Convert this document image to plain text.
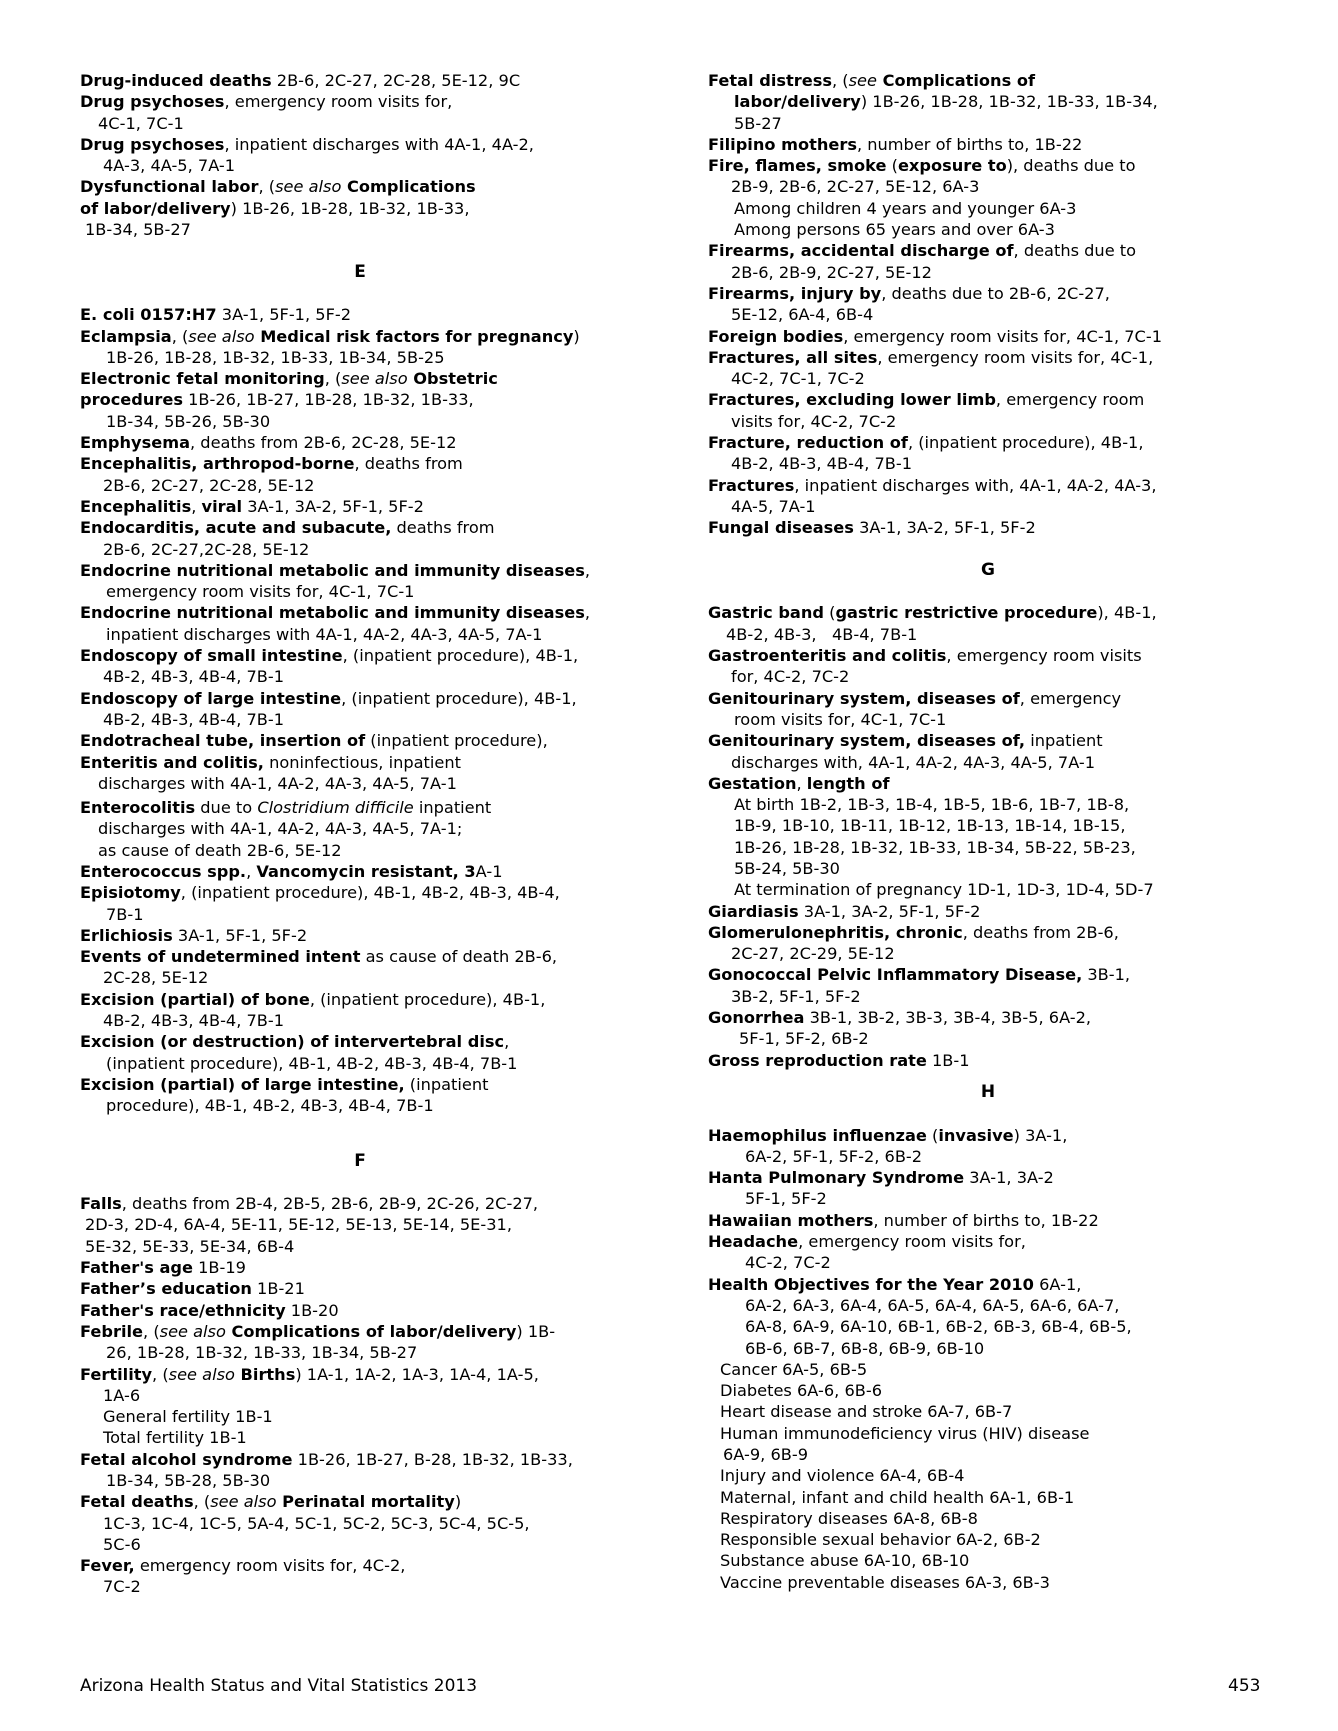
Drug-induced deaths 2B-6, 2C-27, 2C-28, 5E-12, 9C

Drug psychoses, emergency room visits for,

4C-1, 7C-1

Drug psychoses, inpatient discharges with 4A-1, 4A-2,

4A-3, 4A-5, 7A-1

Dysfunctional labor, (see also Complications

of labor/delivery) 1B-26, 1B-28, 1B-32, 1B-33,

1B-34, 5B-27

E

E. coli 0157:H7 3A-1, 5F-1, 5F-2

Eclampsia, (see also Medical risk factors for pregnancy)

1B-26, 1B-28, 1B-32, 1B-33, 1B-34, 5B-25

Electronic fetal monitoring, (see also Obstetric

procedures 1B-26, 1B-27, 1B-28, 1B-32, 1B-33,

1B-34, 5B-26, 5B-30

Emphysema, deaths from 2B-6, 2C-28, 5E-12

Encephalitis, arthropod-borne, deaths from

2B-6, 2C-27, 2C-28, 5E-12

Encephalitis, viral 3A-1, 3A-2, 5F-1, 5F-2

Endocarditis, acute and subacute, deaths from

2B-6, 2C-27,2C-28, 5E-12

Endocrine nutritional metabolic and immunity diseases,

emergency room visits for, 4C-1, 7C-1

Endocrine nutritional metabolic and immunity diseases,

inpatient discharges with 4A-1, 4A-2, 4A-3, 4A-5, 7A-1

Endoscopy of small intestine, (inpatient procedure), 4B-1,

4B-2, 4B-3, 4B-4, 7B-1

Endoscopy of large intestine, (inpatient procedure), 4B-1,

4B-2, 4B-3, 4B-4, 7B-1

Endotracheal tube, insertion of (inpatient procedure),

Enteritis and colitis, noninfectious, inpatient

discharges with 4A-1, 4A-2, 4A-3, 4A-5, 7A-1

Enterocolitis due to Clostridium difficile inpatient

discharges with 4A-1, 4A-2, 4A-3, 4A-5, 7A-1;

as cause of death 2B-6, 5E-12

Enterococcus spp., Vancomycin resistant, 3A-1

Episiotomy, (inpatient procedure), 4B-1, 4B-2, 4B-3, 4B-4,

7B-1

Erlichiosis 3A-1, 5F-1, 5F-2

Events of undetermined intent as cause of death 2B-6,

2C-28, 5E-12

Excision (partial) of bone, (inpatient procedure), 4B-1,

4B-2, 4B-3, 4B-4, 7B-1

Excision (or destruction) of intervertebral disc,

(inpatient procedure), 4B-1, 4B-2, 4B-3, 4B-4, 7B-1

Excision (partial) of large intestine, (inpatient

procedure), 4B-1, 4B-2, 4B-3, 4B-4, 7B-1

F

Falls, deaths from 2B-4, 2B-5, 2B-6, 2B-9, 2C-26, 2C-27,

2D-3, 2D-4, 6A-4, 5E-11, 5E-12, 5E-13, 5E-14, 5E-31,

5E-32, 5E-33, 5E-34, 6B-4

Father's age 1B-19

Father’s education 1B-21

Father's race/ethnicity 1B-20

Febrile, (see also Complications of labor/delivery) 1B-

26, 1B-28, 1B-32, 1B-33, 1B-34, 5B-27

Fertility, (see also Births) 1A-1, 1A-2, 1A-3, 1A-4, 1A-5,

1A-6

General fertility 1B-1

Total fertility 1B-1

Fetal alcohol syndrome 1B-26, 1B-27, B-28, 1B-32, 1B-33,

1B-34, 5B-28, 5B-30

Fetal deaths, (see also Perinatal mortality)

1C-3, 1C-4, 1C-5, 5A-4, 5C-1, 5C-2, 5C-3, 5C-4, 5C-5,

5C-6

Fever, emergency room visits for, 4C-2,

7C-2

Fetal distress, (see Complications of

labor/delivery) 1B-26, 1B-28, 1B-32, 1B-33, 1B-34,

5B-27

Filipino mothers, number of births to, 1B-22

Fire, flames, smoke (exposure to), deaths due to

2B-9, 2B-6, 2C-27, 5E-12, 6A-3

Among children 4 years and younger 6A-3

Among persons 65 years and over 6A-3

Firearms, accidental discharge of, deaths due to

2B-6, 2B-9, 2C-27, 5E-12

Firearms, injury by, deaths due to 2B-6, 2C-27,

5E-12, 6A-4, 6B-4

Foreign bodies, emergency room visits for, 4C-1, 7C-1

Fractures, all sites, emergency room visits for, 4C-1,

4C-2, 7C-1, 7C-2

Fractures, excluding lower limb, emergency room

visits for, 4C-2, 7C-2

Fracture, reduction of, (inpatient procedure), 4B-1,

4B-2, 4B-3, 4B-4, 7B-1

Fractures, inpatient discharges with, 4A-1, 4A-2, 4A-3,

4A-5, 7A-1

Fungal diseases 3A-1, 3A-2, 5F-1, 5F-2

G

Gastric band (gastric restrictive procedure), 4B-1,

4B-2, 4B-3,   4B-4, 7B-1

Gastroenteritis and colitis, emergency room visits

for, 4C-2, 7C-2

Genitourinary system, diseases of, emergency

room visits for, 4C-1, 7C-1

Genitourinary system, diseases of, inpatient

discharges with, 4A-1, 4A-2, 4A-3, 4A-5, 7A-1

Gestation, length of

At birth 1B-2, 1B-3, 1B-4, 1B-5, 1B-6, 1B-7, 1B-8,

1B-9, 1B-10, 1B-11, 1B-12, 1B-13, 1B-14, 1B-15,

1B-26, 1B-28, 1B-32, 1B-33, 1B-34, 5B-22, 5B-23,

5B-24, 5B-30

At termination of pregnancy 1D-1, 1D-3, 1D-4, 5D-7

Giardiasis 3A-1, 3A-2, 5F-1, 5F-2

Glomerulonephritis, chronic, deaths from 2B-6,

2C-27, 2C-29, 5E-12

Gonococcal Pelvic Inflammatory Disease, 3B-1,

3B-2, 5F-1, 5F-2

Gonorrhea 3B-1, 3B-2, 3B-3, 3B-4, 3B-5, 6A-2,

5F-1, 5F-2, 6B-2

Gross reproduction rate 1B-1

H

Haemophilus influenzae (invasive) 3A-1,

6A-2, 5F-1, 5F-2, 6B-2

Hanta Pulmonary Syndrome 3A-1, 3A-2

5F-1, 5F-2

Hawaiian mothers, number of births to, 1B-22

Headache, emergency room visits for,

4C-2, 7C-2

Health Objectives for the Year 2010 6A-1,

6A-2, 6A-3, 6A-4, 6A-5, 6A-4, 6A-5, 6A-6, 6A-7,

6A-8, 6A-9, 6A-10, 6B-1, 6B-2, 6B-3, 6B-4, 6B-5,

6B-6, 6B-7, 6B-8, 6B-9, 6B-10

Cancer 6A-5, 6B-5

Diabetes 6A-6, 6B-6

Heart disease and stroke 6A-7, 6B-7

Human immunodeficiency virus (HIV) disease

6A-9, 6B-9

Injury and violence 6A-4, 6B-4

Maternal, infant and child health 6A-1, 6B-1

Respiratory diseases 6A-8, 6B-8

Responsible sexual behavior 6A-2, 6B-2

Substance abuse 6A-10, 6B-10

Vaccine preventable diseases 6A-3, 6B-3

Arizona Health Status and Vital Statistics 2013	453
